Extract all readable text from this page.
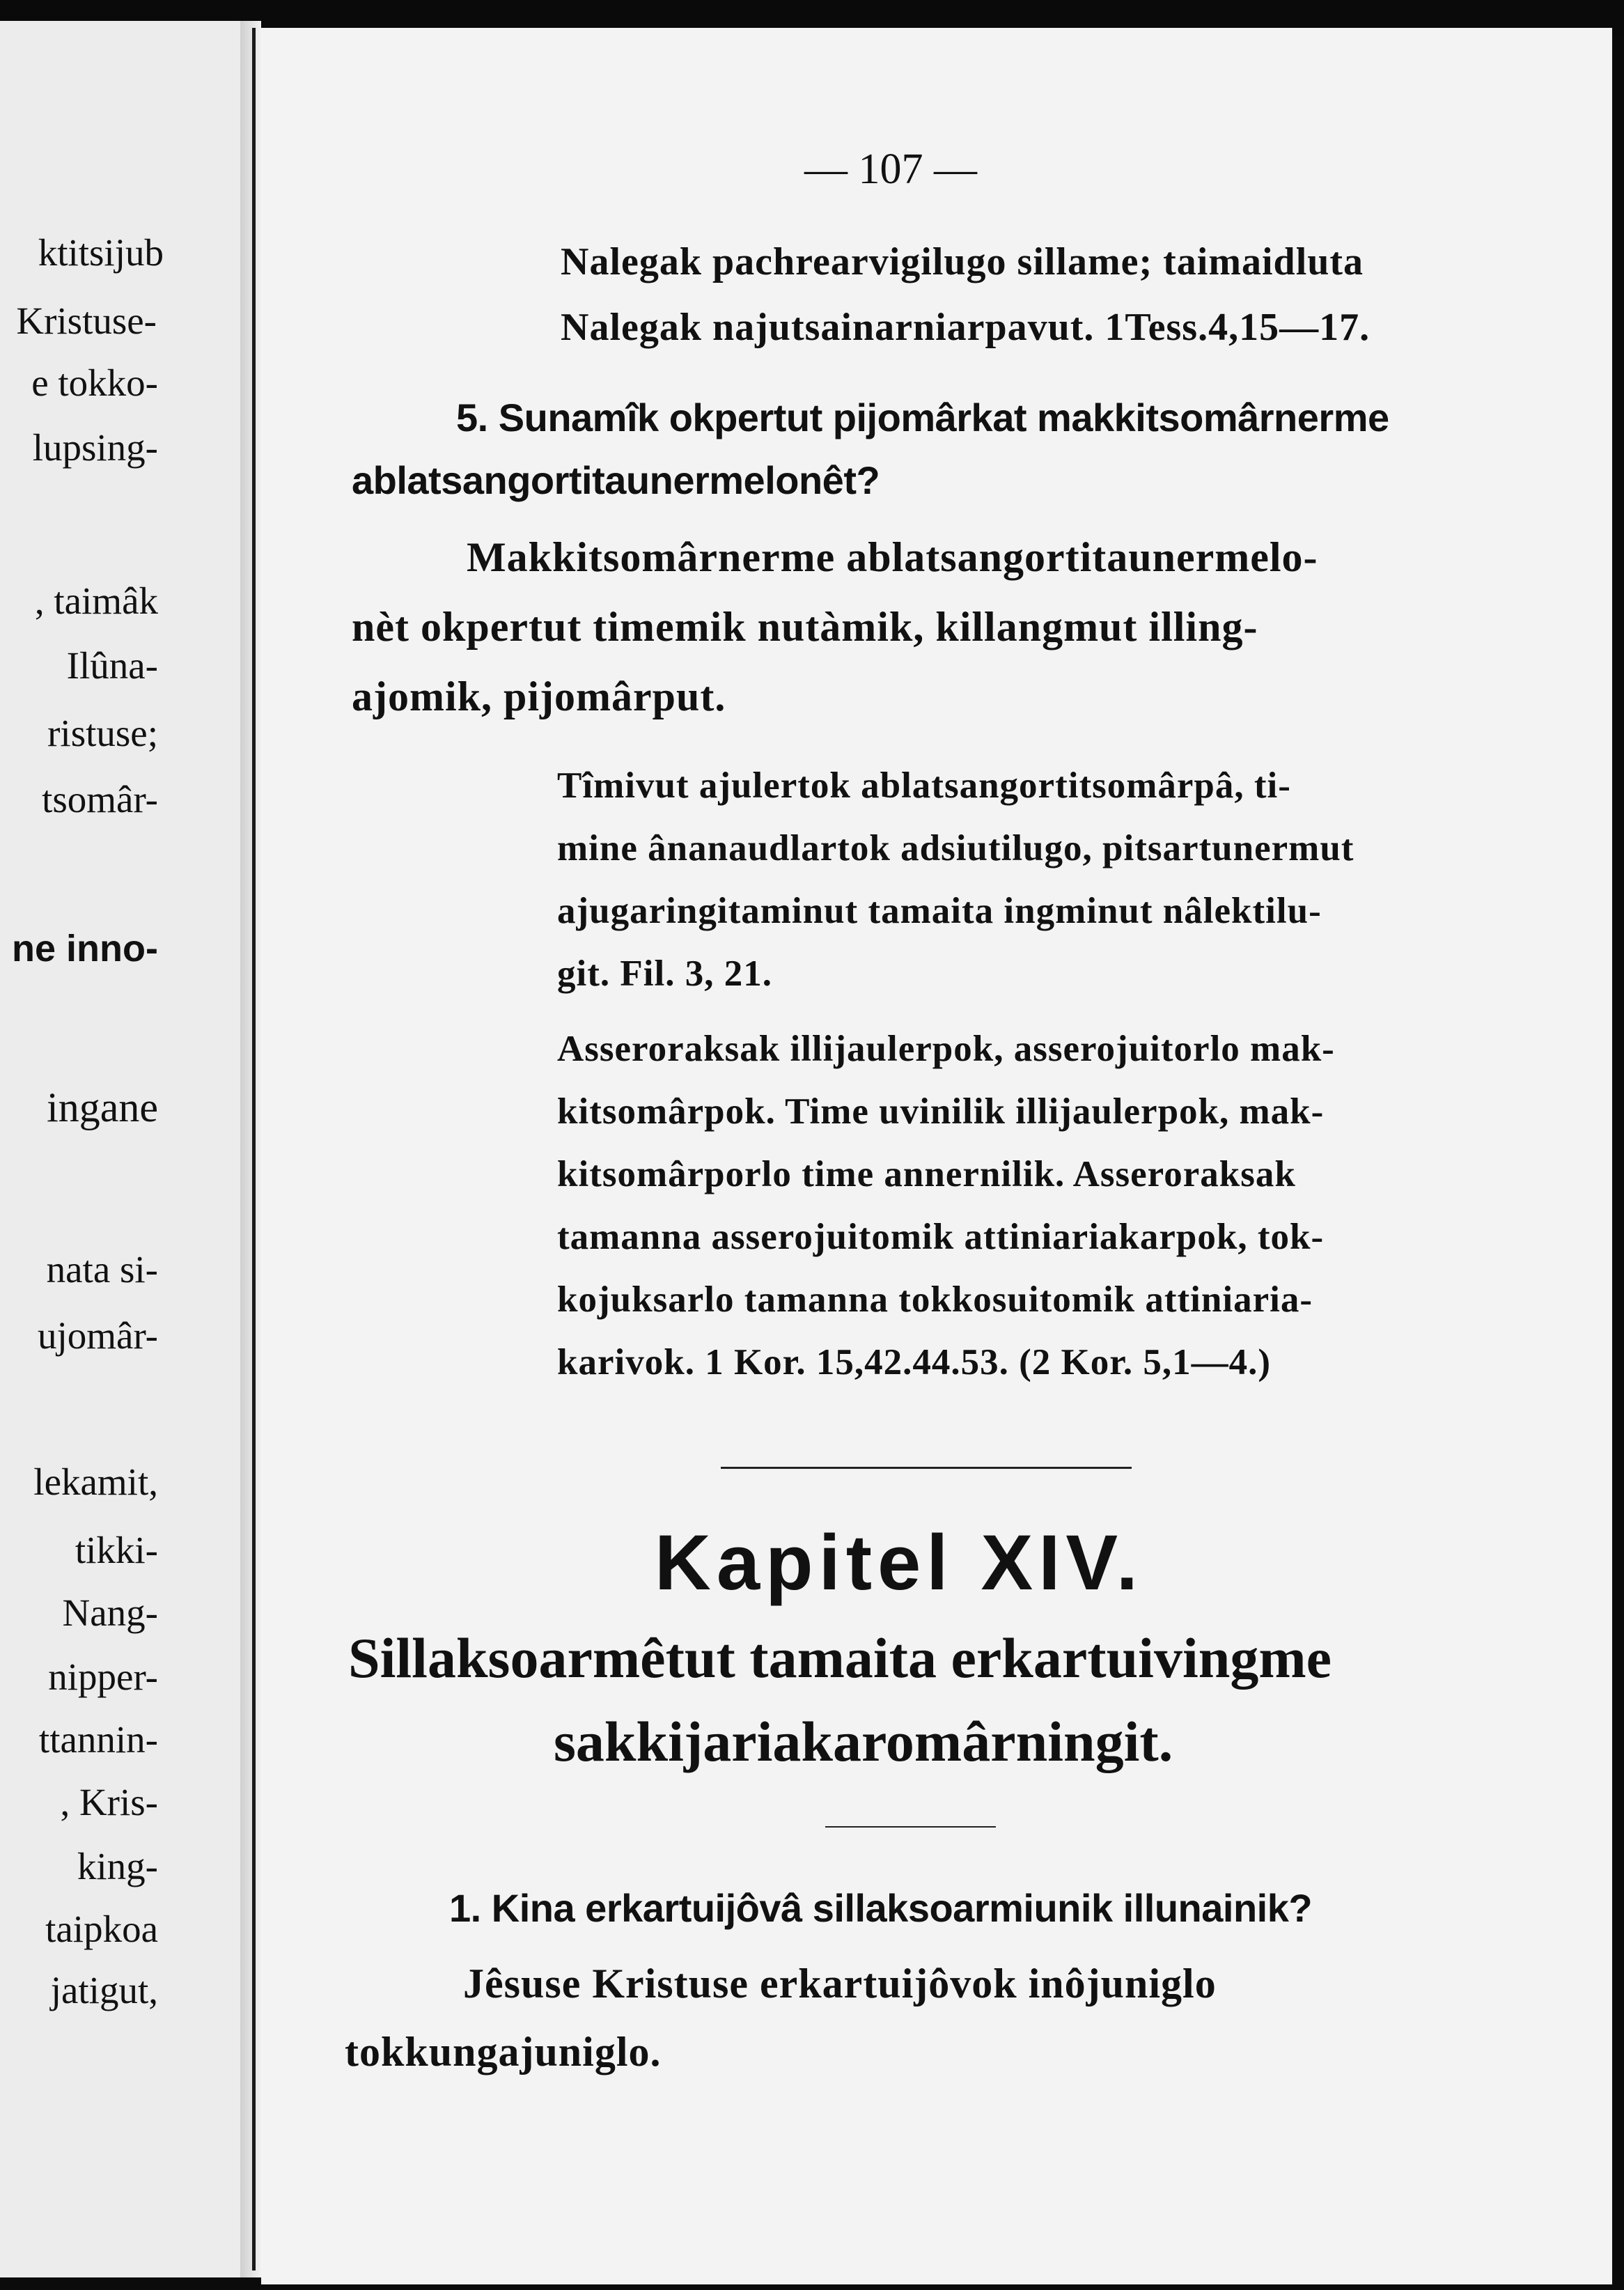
ktitsijub
Kristuse-
e tokko-
lupsing-
, taimâk
Ilûna-
ristuse;
tsomâr-
ne inno-
ingane
nata si-
ujomâr-
lekamit,
tikki-
Nang-
nipper-
ttannin-
, Kris-
king-
taipkoa
jatigut,
— 107 —
Nalegak pachrearvigilugo sillame; taimaidluta
Nalegak najutsainarniarpavut. 1Tess.4,15—17.
5. Sunamîk okpertut pijomârkat makkitsomârnerme
ablatsangortitaunermelonêt?
Makkitsomârnerme ablatsangortitaunermelo-
nèt okpertut timemik nutàmik, killangmut illing-
ajomik, pijomârput.
Tîmivut ajulertok ablatsangortitsomârpâ, ti-
mine ânanaudlartok adsiutilugo, pitsartunermut
ajugaringitaminut tamaita ingminut nâlektilu-
git. Fil. 3, 21.
Asseroraksak illijaulerpok, asserojuitorlo mak-
kitsomârpok. Time uvinilik illijaulerpok, mak-
kitsomârporlo time annernilik. Asseroraksak
tamanna asserojuitomik attiniariakarpok, tok-
kojuksarlo tamanna tokkosuitomik attiniaria-
karivok. 1 Kor. 15,42.44.53. (2 Kor. 5,1—4.)
Kapitel XIV.
Sillaksoarmêtut tamaita erkartuivingme
sakkijariakaromârningit.
1. Kina erkartuijôvâ sillaksoarmiunik illunainik?
Jêsuse Kristuse erkartuijôvok inôjuniglo
tokkungajuniglo.
